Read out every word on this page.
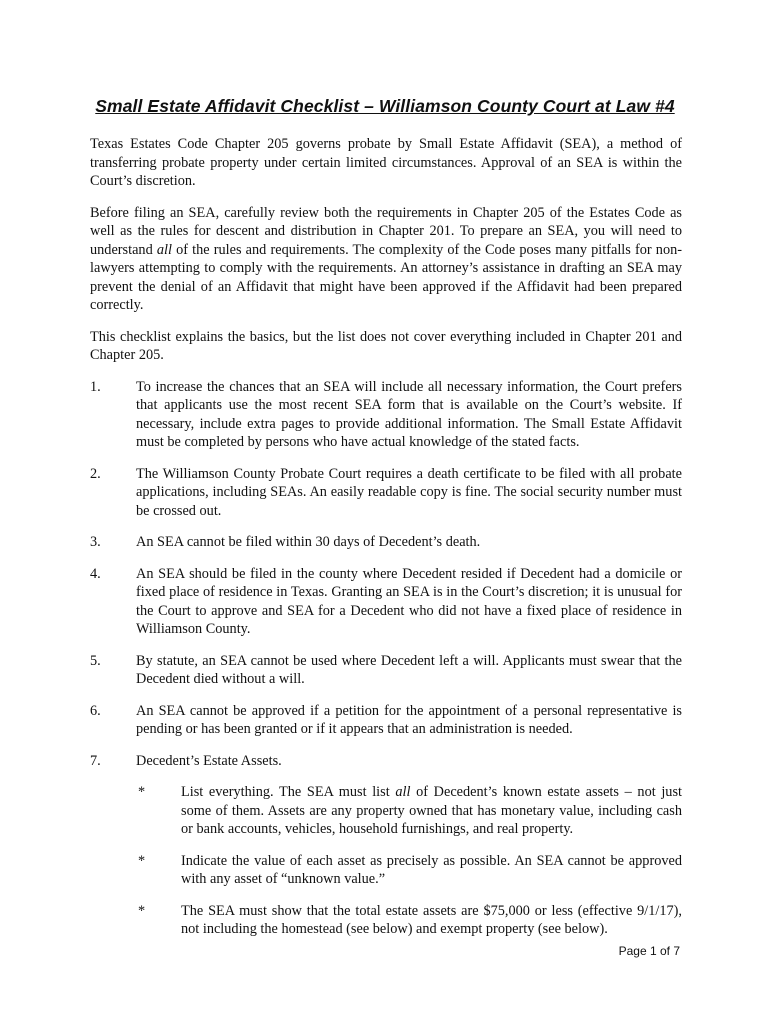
Small Estate Affidavit Checklist – Williamson County Court at Law #4

Texas Estates Code Chapter 205 governs probate by Small Estate Affidavit (SEA), a method of transferring probate property under certain limited circumstances. Approval of an SEA is within the Court’s discretion.

Before filing an SEA, carefully review both the requirements in Chapter 205 of the Estates Code as well as the rules for descent and distribution in Chapter 201. To prepare an SEA, you will need to understand all of the rules and requirements. The complexity of the Code poses many pitfalls for non-lawyers attempting to comply with the requirements. An attorney’s assistance in drafting an SEA may prevent the denial of an Affidavit that might have been approved if the Affidavit had been prepared correctly.

This checklist explains the basics, but the list does not cover everything included in Chapter 201 and Chapter 205.

1.	To increase the chances that an SEA will include all necessary information, the Court prefers that applicants use the most recent SEA form that is available on the Court’s website. If necessary, include extra pages to provide additional information. The Small Estate Affidavit must be completed by persons who have actual knowledge of the stated facts.
2.	The Williamson County Probate Court requires a death certificate to be filed with all probate applications, including SEAs. An easily readable copy is fine. The social security number must be crossed out.
3.	An SEA cannot be filed within 30 days of Decedent’s death.
4.	An SEA should be filed in the county where Decedent resided if Decedent had a domicile or fixed place of residence in Texas. Granting an SEA is in the Court’s discretion; it is unusual for the Court to approve and SEA for a Decedent who did not have a fixed place of residence in Williamson County.
5.	By statute, an SEA cannot be used where Decedent left a will. Applicants must swear that the Decedent died without a will.
6.	An SEA cannot be approved if a petition for the appointment of a personal representative is pending or has been granted or if it appears that an administration is needed.
7.	Decedent’s Estate Assets.
*	List everything. The SEA must list all of Decedent’s known estate assets – not just some of them. Assets are any property owned that has monetary value, including cash or bank accounts, vehicles, household furnishings, and real property.
*	Indicate the value of each asset as precisely as possible. An SEA cannot be approved with any asset of “unknown value.”
*	The SEA must show that the total estate assets are $75,000 or less (effective 9/1/17), not including the homestead (see below) and exempt property (see below).
Page 1 of 7
